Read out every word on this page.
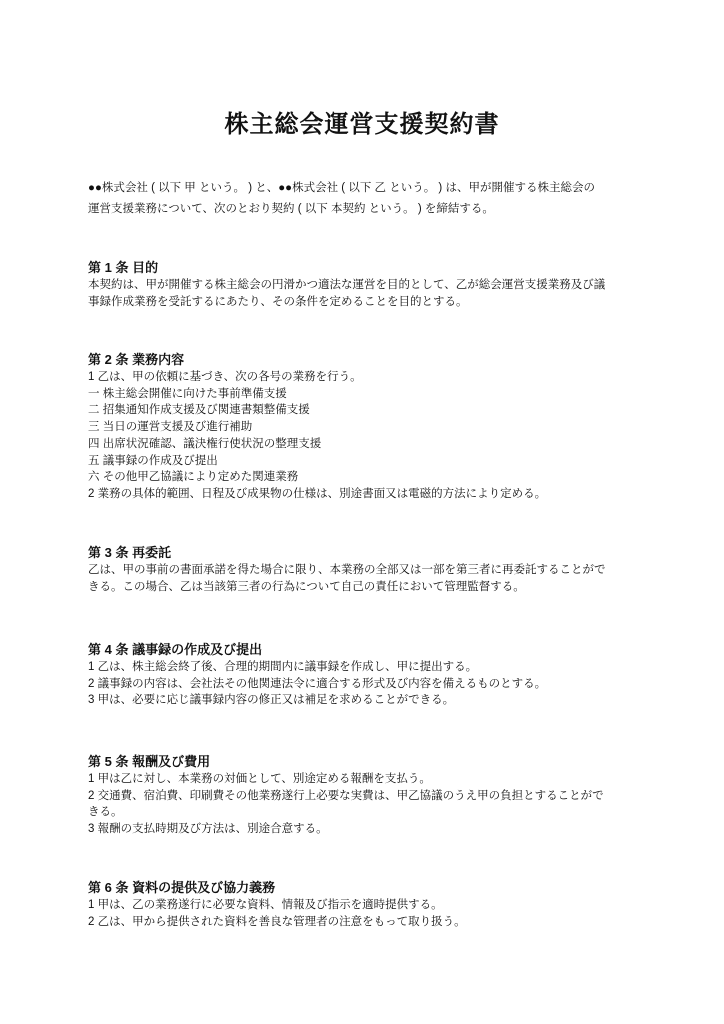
株主総会運営支援契約書
●●株式会社 ( 以下 甲 という。 ) と、●●株式会社 ( 以下 乙 という。 ) は、甲が開催する株主総会の
運営支援業務について、次のとおり契約 ( 以下 本契約 という。 ) を締結する。
第 1 条 目的
本契約は、甲が開催する株主総会の円滑かつ適法な運営を目的として、乙が総会運営支援業務及び議
事録作成業務を受託するにあたり、その条件を定めることを目的とする。
第 2 条 業務内容
1 乙は、甲の依頼に基づき、次の各号の業務を行う。
一 株主総会開催に向けた事前準備支援
二 招集通知作成支援及び関連書類整備支援
三 当日の運営支援及び進行補助
四 出席状況確認、議決権行使状況の整理支援
五 議事録の作成及び提出
六 その他甲乙協議により定めた関連業務
2 業務の具体的範囲、日程及び成果物の仕様は、別途書面又は電磁的方法により定める。
第 3 条 再委託
乙は、甲の事前の書面承諾を得た場合に限り、本業務の全部又は一部を第三者に再委託することがで
きる。この場合、乙は当該第三者の行為について自己の責任において管理監督する。
第 4 条 議事録の作成及び提出
1 乙は、株主総会終了後、合理的期間内に議事録を作成し、甲に提出する。
2 議事録の内容は、会社法その他関連法令に適合する形式及び内容を備えるものとする。
3 甲は、必要に応じ議事録内容の修正又は補足を求めることができる。
第 5 条 報酬及び費用
1 甲は乙に対し、本業務の対価として、別途定める報酬を支払う。
2 交通費、宿泊費、印刷費その他業務遂行上必要な実費は、甲乙協議のうえ甲の負担とすることがで
きる。
3 報酬の支払時期及び方法は、別途合意する。
第 6 条 資料の提供及び協力義務
1 甲は、乙の業務遂行に必要な資料、情報及び指示を適時提供する。
2 乙は、甲から提供された資料を善良な管理者の注意をもって取り扱う。
